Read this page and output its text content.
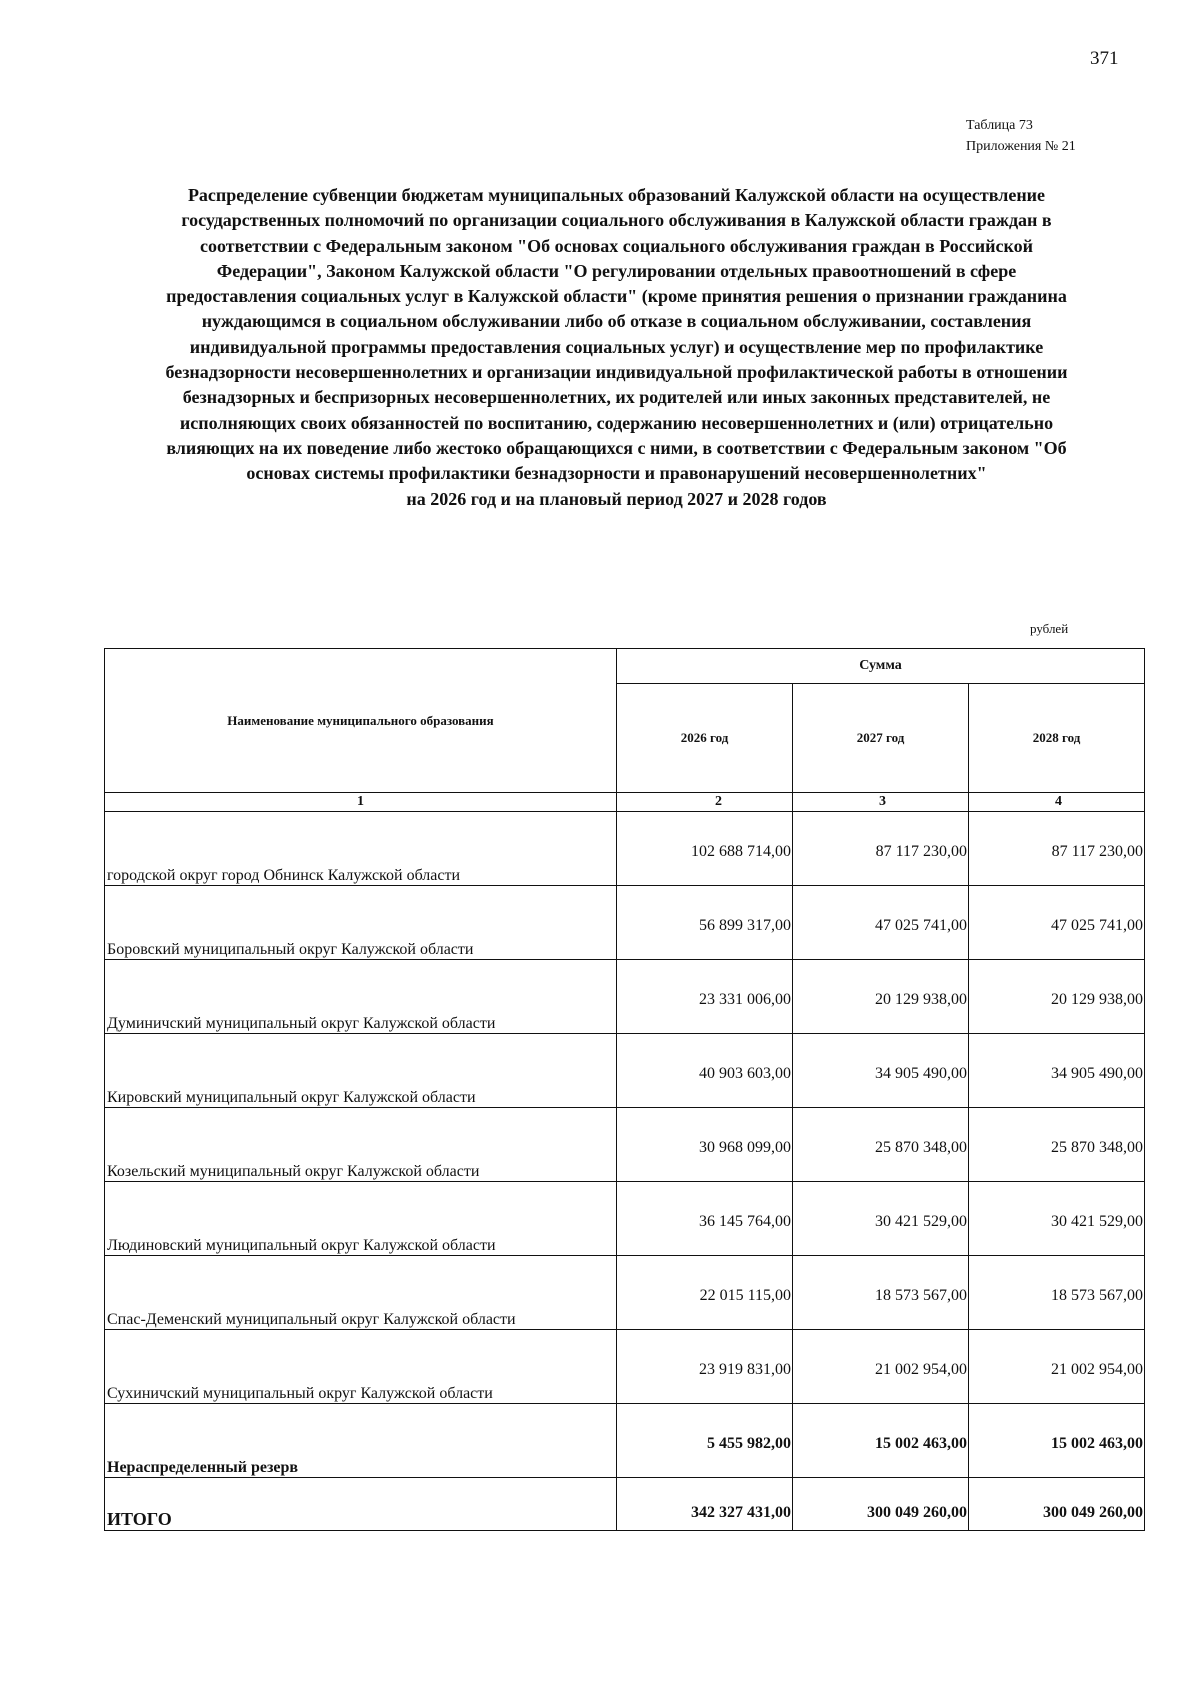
371
Таблица 73
Приложения № 21
Распределение субвенции бюджетам муниципальных образований Калужской области на осуществление
государственных полномочий по организации социального обслуживания в Калужской области граждан в
соответствии с Федеральным законом "Об основах социального обслуживания граждан в Российской
Федерации", Законом Калужской области "О регулировании отдельных правоотношений в сфере
предоставления социальных услуг в Калужской области" (кроме принятия решения о признании гражданина
нуждающимся в социальном обслуживании либо об отказе в социальном обслуживании, составления
индивидуальной программы предоставления социальных услуг) и осуществление мер по профилактике
безнадзорности несовершеннолетних и организации индивидуальной профилактической работы в отношении
безнадзорных и беспризорных несовершеннолетних, их родителей или иных законных представителей, не
исполняющих своих обязанностей по воспитанию, содержанию несовершеннолетних и (или) отрицательно
влияющих на их поведение либо жестоко обращающихся с ними, в соответствии с Федеральным законом "Об
основах системы профилактики безнадзорности и правонарушений несовершеннолетних"
на 2026 год и на плановый период 2027 и 2028 годов
рублей
Наименование муниципального образования	Сумма		
	2026 год	2027 год	2028 год
1	2	3	4
городской округ город Обнинск Калужской области	102 688 714,00	87 117 230,00	87 117 230,00
Боровский муниципальный округ Калужской области	56 899 317,00	47 025 741,00	47 025 741,00
Думиничский муниципальный округ Калужской области	23 331 006,00	20 129 938,00	20 129 938,00
Кировский муниципальный округ Калужской области	40 903 603,00	34 905 490,00	34 905 490,00
Козельский муниципальный округ Калужской области	30 968 099,00	25 870 348,00	25 870 348,00
Людиновский муниципальный округ Калужской области	36 145 764,00	30 421 529,00	30 421 529,00
Спас-Деменский муниципальный округ Калужской области	22 015 115,00	18 573 567,00	18 573 567,00
Сухиничский муниципальный округ Калужской области	23 919 831,00	21 002 954,00	21 002 954,00
Нераспределенный резерв	5 455 982,00	15 002 463,00	15 002 463,00
ИТОГО	342 327 431,00	300 049 260,00	300 049 260,00
